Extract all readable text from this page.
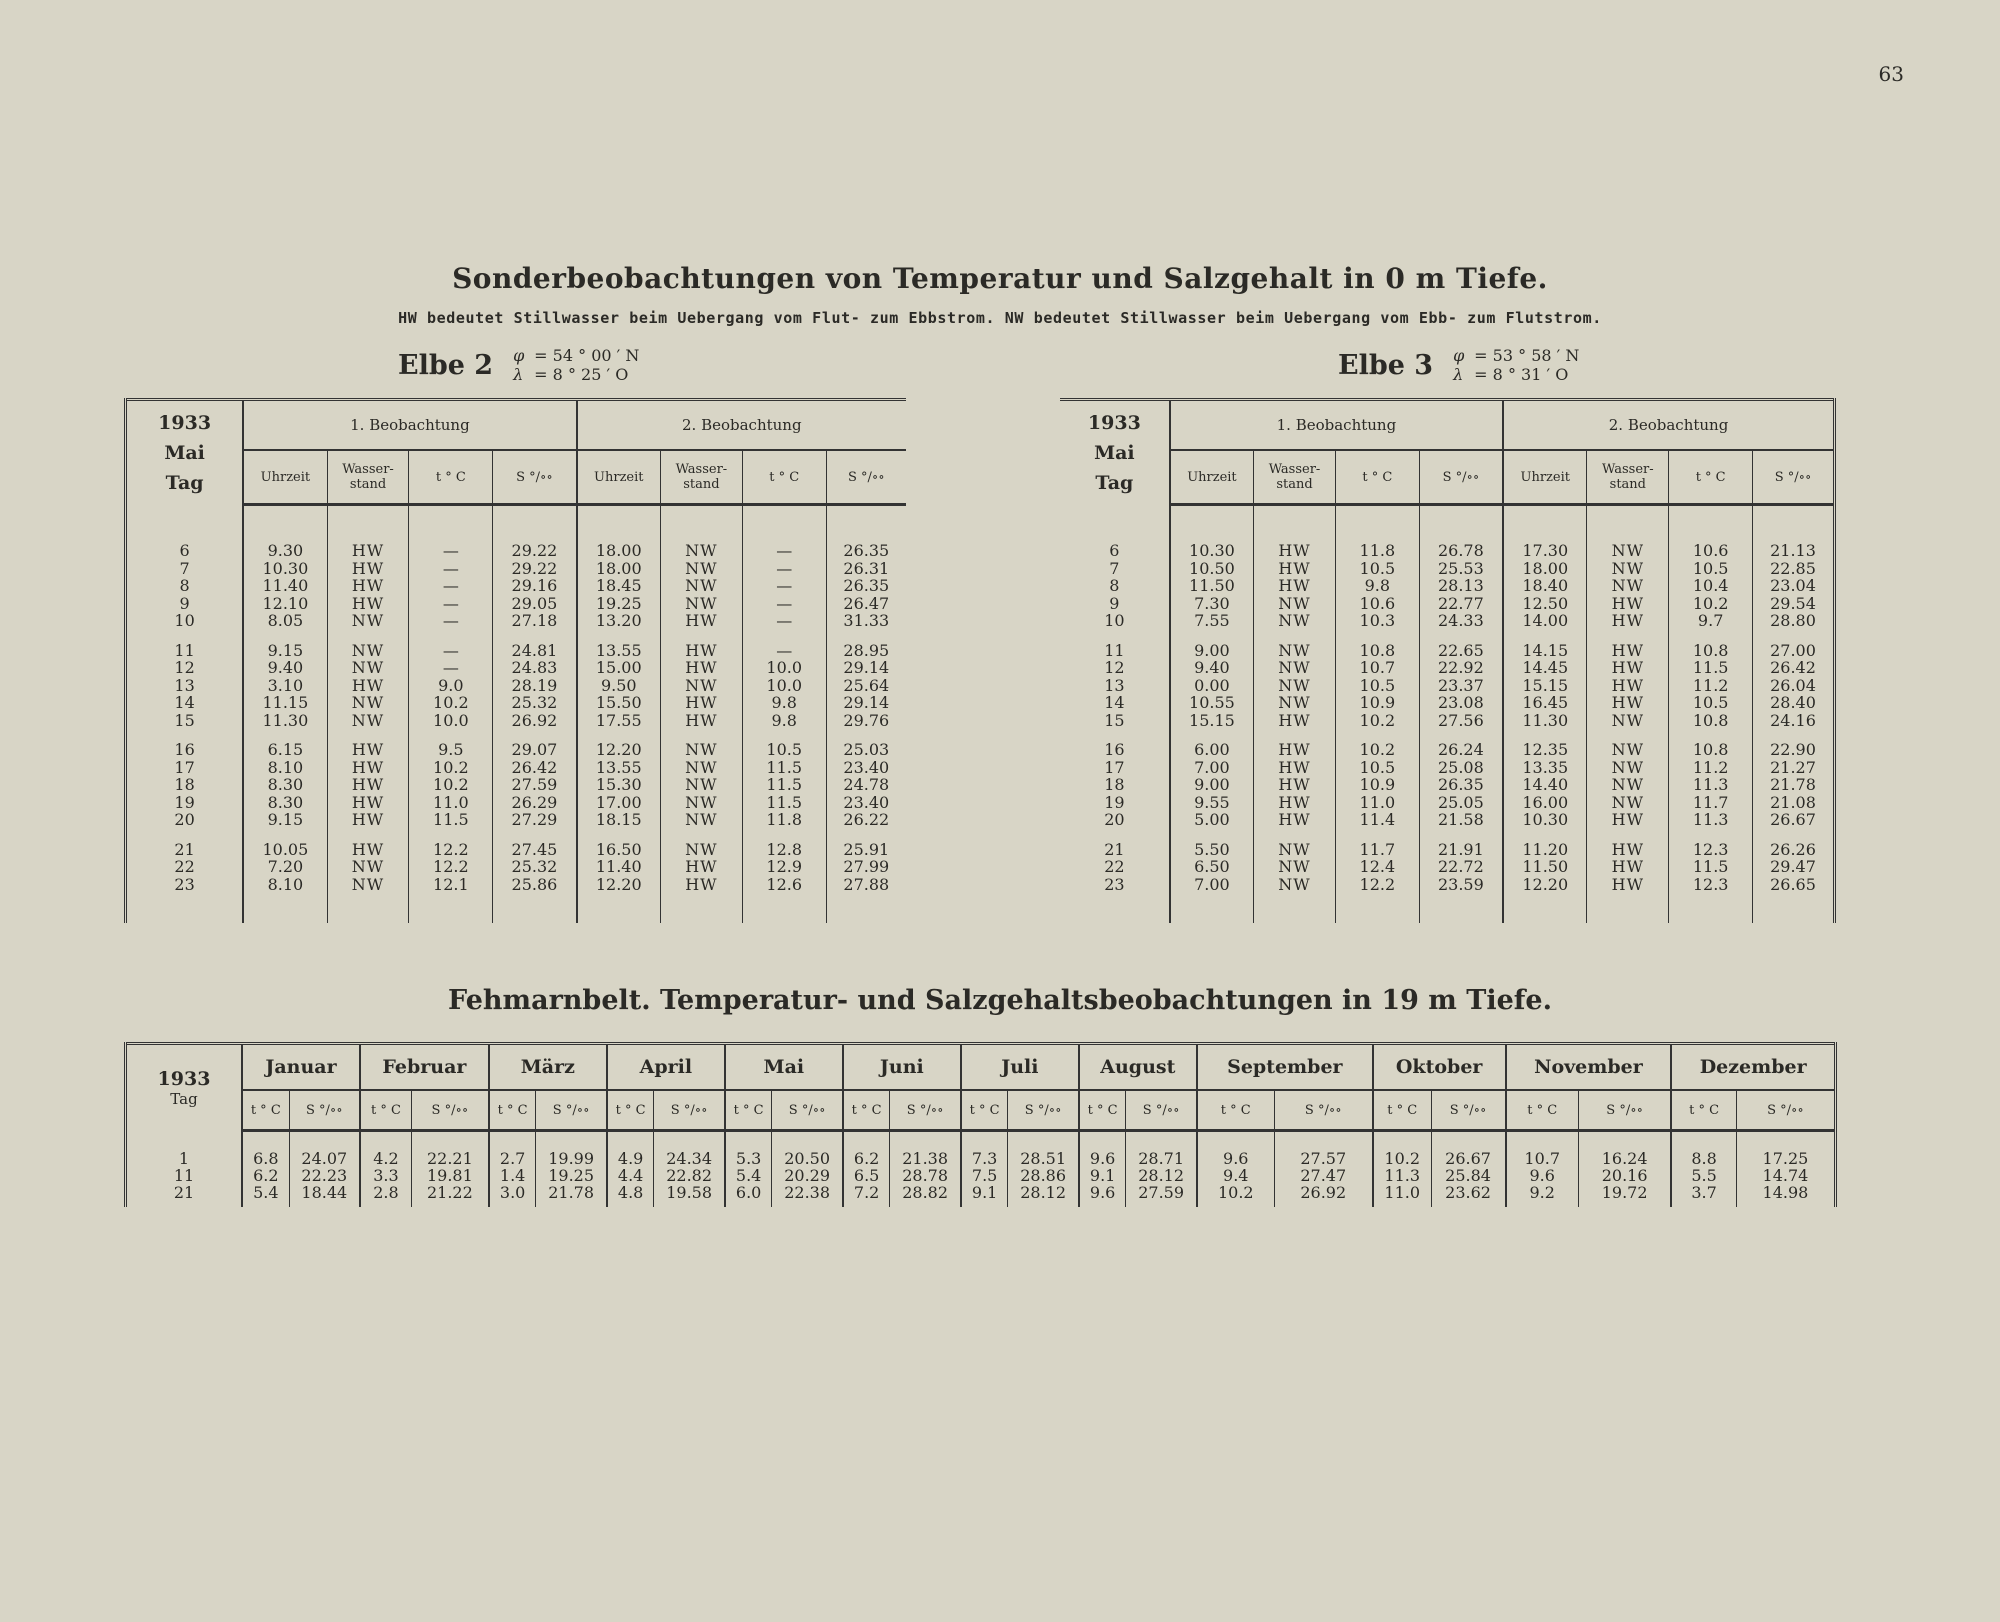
63
Sonderbeobachtungen von Temperatur und Salzgehalt in 0 m Tiefe.
HW bedeutet Stillwasser beim Uebergang vom Flut- zum Ebbstrom. NW bedeutet Stillwasser beim Uebergang vom Ebb- zum Flutstrom.
Elbe 2 φ = 54 ° 00 ′ N
λ = 8 ° 25 ′ O	Elbe 3 φ = 53 ° 58 ′ N
λ = 8 ° 31 ′ O
1933
Mai
Tag	1. Beobachtung				2. Beobachtung			
	Uhrzeit	Wasser-stand	t ° C	S °/∘∘	Uhrzeit	Wasser-stand	t ° C	S °/∘∘

6	9.30	HW	—	29.22	18.00	NW	—	26.35
7	10.30	HW	—	29.22	18.00	NW	—	26.31
8	11.40	HW	—	29.16	18.45	NW	—	26.35
9	12.10	HW	—	29.05	19.25	NW	—	26.47
10	8.05	NW	—	27.18	13.20	HW	—	31.33

11	9.15	NW	—	24.81	13.55	HW	—	28.95
12	9.40	NW	—	24.83	15.00	HW	10.0	29.14
13	3.10	HW	9.0	28.19	9.50	NW	10.0	25.64
14	11.15	NW	10.2	25.32	15.50	HW	9.8	29.14
15	11.30	NW	10.0	26.92	17.55	HW	9.8	29.76

16	6.15	HW	9.5	29.07	12.20	NW	10.5	25.03
17	8.10	HW	10.2	26.42	13.55	NW	11.5	23.40
18	8.30	HW	10.2	27.59	15.30	NW	11.5	24.78
19	8.30	HW	11.0	26.29	17.00	NW	11.5	23.40
20	9.15	HW	11.5	27.29	18.15	NW	11.8	26.22

21	10.05	HW	12.2	27.45	16.50	NW	12.8	25.91
22	7.20	NW	12.2	25.32	11.40	HW	12.9	27.99
23	8.10	NW	12.1	25.86	12.20	HW	12.6	27.88

1933
Mai
Tag	1. Beobachtung				2. Beobachtung			
	Uhrzeit	Wasser-stand	t ° C	S °/∘∘	Uhrzeit	Wasser-stand	t ° C	S °/∘∘

6	10.30	HW	11.8	26.78	17.30	NW	10.6	21.13
7	10.50	HW	10.5	25.53	18.00	NW	10.5	22.85
8	11.50	HW	9.8	28.13	18.40	NW	10.4	23.04
9	7.30	NW	10.6	22.77	12.50	HW	10.2	29.54
10	7.55	NW	10.3	24.33	14.00	HW	9.7	28.80

11	9.00	NW	10.8	22.65	14.15	HW	10.8	27.00
12	9.40	NW	10.7	22.92	14.45	HW	11.5	26.42
13	0.00	NW	10.5	23.37	15.15	HW	11.2	26.04
14	10.55	NW	10.9	23.08	16.45	HW	10.5	28.40
15	15.15	HW	10.2	27.56	11.30	NW	10.8	24.16

16	6.00	HW	10.2	26.24	12.35	NW	10.8	22.90
17	7.00	HW	10.5	25.08	13.35	NW	11.2	21.27
18	9.00	HW	10.9	26.35	14.40	NW	11.3	21.78
19	9.55	HW	11.0	25.05	16.00	NW	11.7	21.08
20	5.00	HW	11.4	21.58	10.30	HW	11.3	26.67

21	5.50	NW	11.7	21.91	11.20	HW	12.3	26.26
22	6.50	NW	12.4	22.72	11.50	HW	11.5	29.47
23	7.00	NW	12.2	23.59	12.20	HW	12.3	26.65

Fehmarnbelt. Temperatur- und Salzgehaltsbeobachtungen in 19 m Tiefe.
1933
Tag	Januar		Februar		März		April		Mai		Juni		Juli		August		September		Oktober		November		Dezember	
	t ° C	S °/∘∘	t ° C	S °/∘∘	t ° C	S °/∘∘	t ° C	S °/∘∘	t ° C	S °/∘∘	t ° C	S °/∘∘	t ° C	S °/∘∘	t ° C	S °/∘∘	t ° C	S °/∘∘	t ° C	S °/∘∘	t ° C	S °/∘∘	t ° C	S °/∘∘

1	6.8	24.07	4.2	22.21	2.7	19.99	4.9	24.34	5.3	20.50	6.2	21.38	7.3	28.51	9.6	28.71	9.6	27.57	10.2	26.67	10.7	16.24	8.8	17.25
11	6.2	22.23	3.3	19.81	1.4	19.25	4.4	22.82	5.4	20.29	6.5	28.78	7.5	28.86	9.1	28.12	9.4	27.47	11.3	25.84	9.6	20.16	5.5	14.74
21	5.4	18.44	2.8	21.22	3.0	21.78	4.8	19.58	6.0	22.38	7.2	28.82	9.1	28.12	9.6	27.59	10.2	26.92	11.0	23.62	9.2	19.72	3.7	14.98
